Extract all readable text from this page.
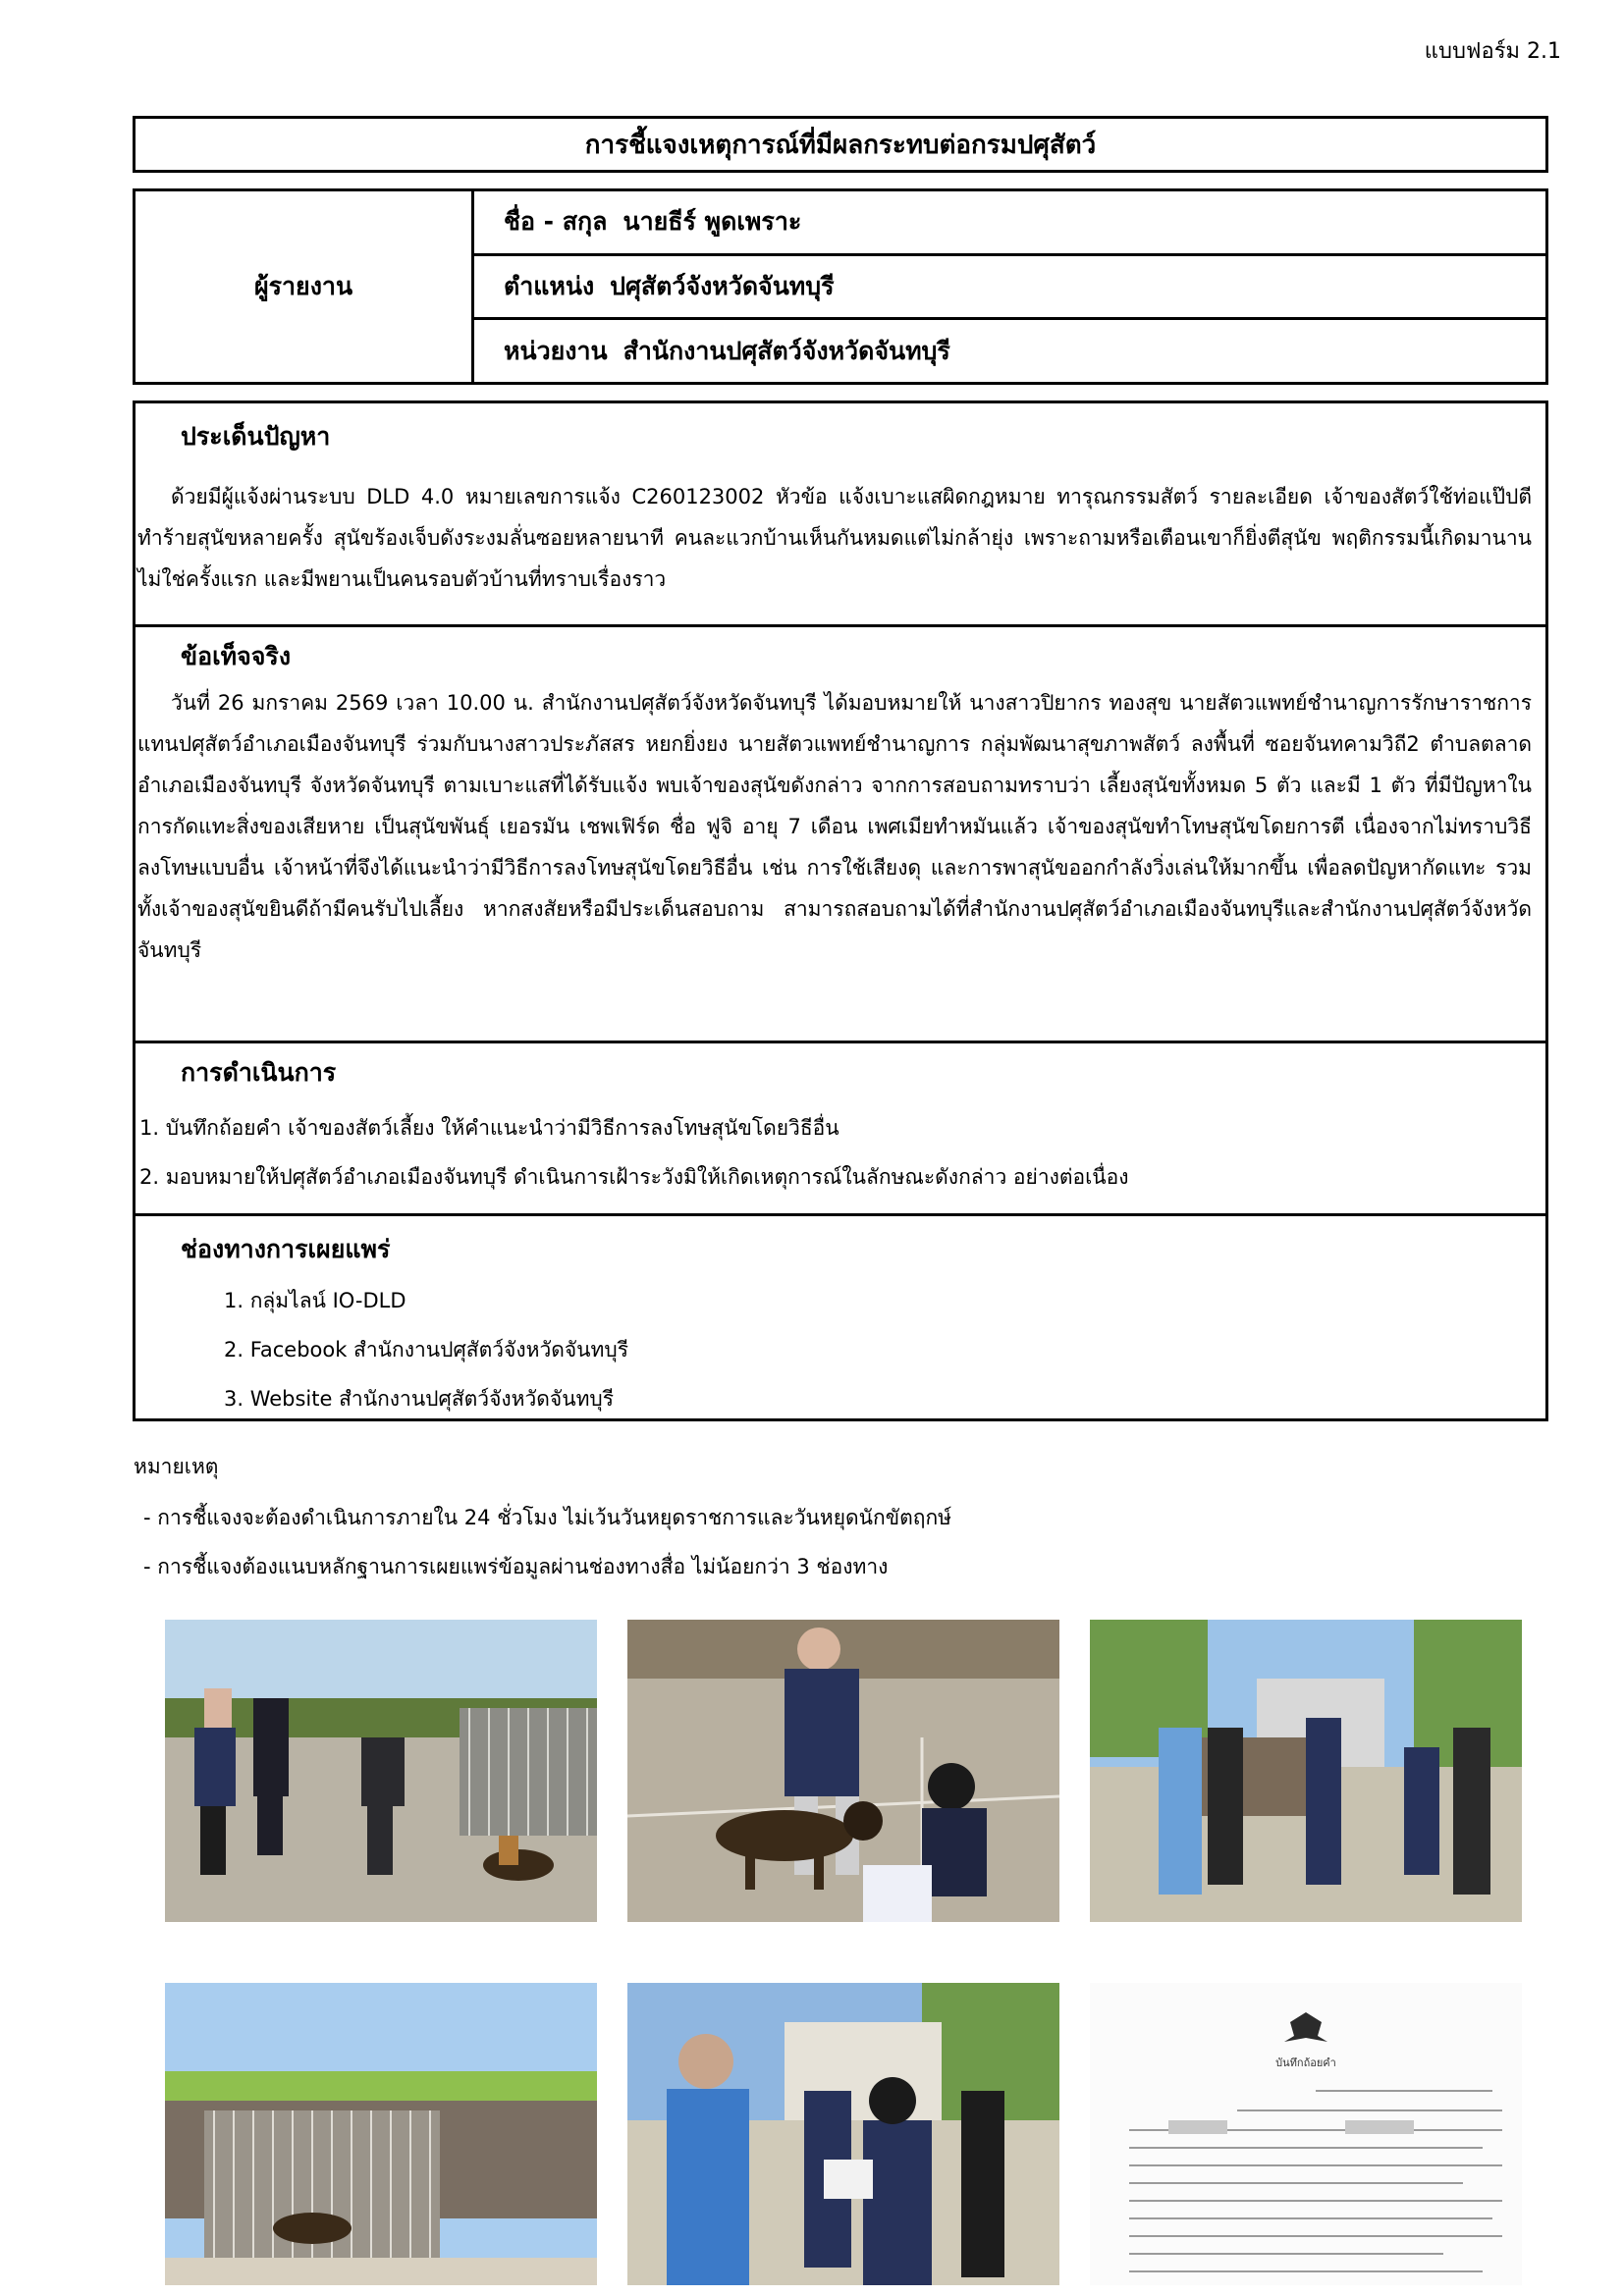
แบบฟอร์ม 2.1
การชี้แจงเหตุการณ์ที่มีผลกระทบต่อกรมปศุสัตว์
ผู้รายงาน
ชื่อ - สกุล นายธีร์ พูดเพราะ
ตำแหน่ง ปศุสัตว์จังหวัดจันทบุรี
หน่วยงาน สำนักงานปศุสัตว์จังหวัดจันทบุรี
ประเด็นปัญหา
ด้วยมีผู้แจ้งผ่านระบบ DLD 4.0 หมายเลขการแจ้ง C260123002 หัวข้อ แจ้งเบาะแสผิดกฎหมาย ทารุณกรรมสัตว์ รายละเอียด เจ้าของสัตว์ใช้ท่อแป๊ปตีทำร้ายสุนัขหลายครั้ง สุนัขร้องเจ็บดังระงมลั่นซอยหลายนาที คนละแวกบ้านเห็นกันหมดแต่ไม่กล้ายุ่ง เพราะถามหรือเตือนเขาก็ยิ่งตีสุนัข พฤติกรรมนี้เกิดมานานไม่ใช่ครั้งแรก และมีพยานเป็นคนรอบตัวบ้านที่ทราบเรื่องราว
ข้อเท็จจริง
วันที่ 26 มกราคม 2569 เวลา 10.00 น. สำนักงานปศุสัตว์จังหวัดจันทบุรี ได้มอบหมายให้ นางสาวปิยากร ทองสุข นายสัตวแพทย์ชำนาญการรักษาราชการแทนปศุสัตว์อำเภอเมืองจันทบุรี ร่วมกับนางสาวประภัสสร หยกยิ่งยง นายสัตวแพทย์ชำนาญการ กลุ่มพัฒนาสุขภาพสัตว์ ลงพื้นที่ ซอยจันทคามวิถี2 ตำบลตลาด อำเภอเมืองจันทบุรี จังหวัดจันทบุรี ตามเบาะแสที่ได้รับแจ้ง พบเจ้าของสุนัขดังกล่าว จากการสอบถามทราบว่า เลี้ยงสุนัขทั้งหมด 5 ตัว และมี 1 ตัว ที่มีปัญหาในการกัดแทะสิ่งของเสียหาย เป็นสุนัขพันธุ์ เยอรมัน เชพเฟิร์ด ชื่อ ฟูจิ อายุ 7 เดือน เพศเมียทำหมันแล้ว เจ้าของสุนัขทำโทษสุนัขโดยการตี เนื่องจากไม่ทราบวิธีลงโทษแบบอื่น เจ้าหน้าที่จึงได้แนะนำว่ามีวิธีการลงโทษสุนัขโดยวิธีอื่น เช่น การใช้เสียงดุ และการพาสุนัขออกกำลังวิ่งเล่นให้มากขึ้น เพื่อลดปัญหากัดแทะ รวมทั้งเจ้าของสุนัขยินดีถ้ามีคนรับไปเลี้ยง หากสงสัยหรือมีประเด็นสอบถาม สามารถสอบถามได้ที่สำนักงานปศุสัตว์อำเภอเมืองจันทบุรีและสำนักงานปศุสัตว์จังหวัดจันทบุรี
การดำเนินการ
1. บันทึกถ้อยคำ เจ้าของสัตว์เลี้ยง ให้คำแนะนำว่ามีวิธีการลงโทษสุนัขโดยวิธีอื่น
2. มอบหมายให้ปศุสัตว์อำเภอเมืองจันทบุรี ดำเนินการเฝ้าระวังมิให้เกิดเหตุการณ์ในลักษณะดังกล่าว อย่างต่อเนื่อง
ช่องทางการเผยแพร่
1. กลุ่มไลน์ IO-DLD
2. Facebook สำนักงานปศุสัตว์จังหวัดจันทบุรี
3. Website สำนักงานปศุสัตว์จังหวัดจันทบุรี
หมายเหตุ
- การชี้แจงจะต้องดำเนินการภายใน 24 ชั่วโมง ไม่เว้นวันหยุดราชการและวันหยุดนักขัตฤกษ์
- การชี้แจงต้องแนบหลักฐานการเผยแพร่ข้อมูลผ่านช่องทางสื่อ ไม่น้อยกว่า 3 ช่องทาง
บันทึกถ้อยคำ
